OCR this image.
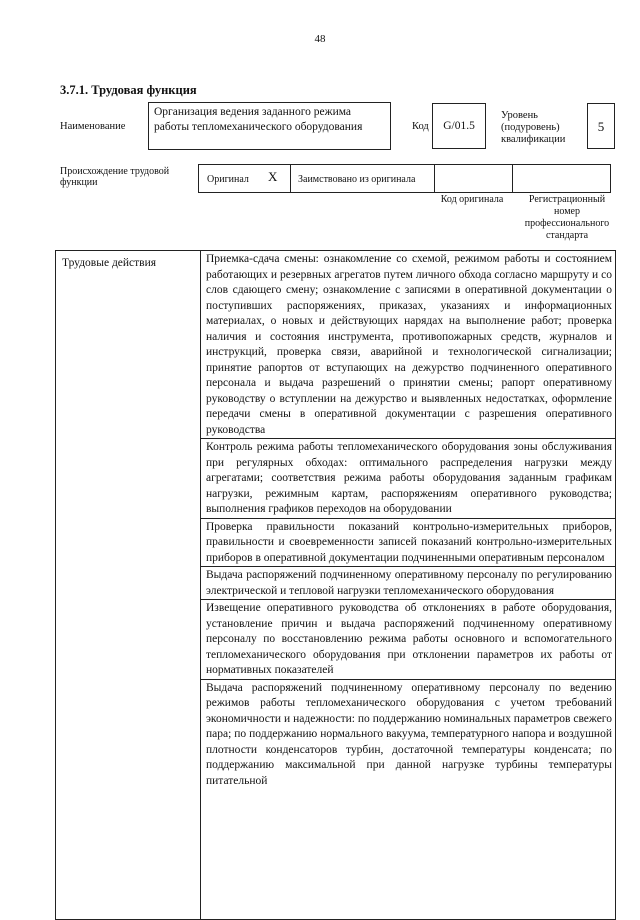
48
3.7.1. Трудовая функция
Наименование
Организация ведения заданного режима работы тепломеханического оборудования	Код	G/01.5
Уровень (подуровень) квалификации
5
Происхождение трудовой функции	Оригинал X Заимствовано из оригинала
Код оригинала	Регистрационный номер профессионального стандарта
Трудовые действия	Приемка-сдача смены: ознакомление со схемой, режимом работы и состоянием работающих и резервных агрегатов путем личного обхода согласно маршруту и со слов сдающего смену; ознакомление с записями в оперативной документации о поступивших распоряжениях, приказах, указаниях и информационных материалах, о новых и действующих нарядах на выполнение работ; проверка наличия и состояния инструмента, противопожарных средств, журналов и инструкций, проверка связи, аварийной и технологической сигнализации; принятие рапортов от вступающих на дежурство подчиненного оперативного персонала и выдача разрешений о принятии смены; рапорт оперативному руководству о вступлении на дежурство и выявленных недостатках, оформление передачи смены в оперативной документации с разрешения оперативного руководства
Контроль режима работы тепломеханического оборудования зоны обслуживания при регулярных обходах: оптимального распределения нагрузки между агрегатами; соответствия режима работы оборудования заданным графикам нагрузки, режимным картам, распоряжениям оперативного руководства; выполнения графиков переходов на оборудовании
Проверка правильности показаний контрольно-измерительных приборов, правильности и своевременности записей показаний контрольно-измерительных приборов в оперативной документации подчиненными оперативным персоналом
Выдача распоряжений подчиненному оперативному персоналу по регулированию электрической и тепловой нагрузки тепломеханического оборудования
Извещение оперативного руководства об отклонениях в работе оборудования, установление причин и выдача распоряжений подчиненному оперативному персоналу по восстановлению режима работы основного и вспомогательного тепломеханического оборудования при отклонении параметров их работы от нормативных показателей
Выдача распоряжений подчиненному оперативному персоналу по ведению режимов работы тепломеханического оборудования с учетом требований экономичности и надежности: по поддержанию номинальных параметров свежего пара; по поддержанию нормального вакуума, температурного напора и воздушной плотности конденсаторов турбин, достаточной температуры конденсата; по поддержанию максимальной при данной нагрузке турбины температуры питательной
